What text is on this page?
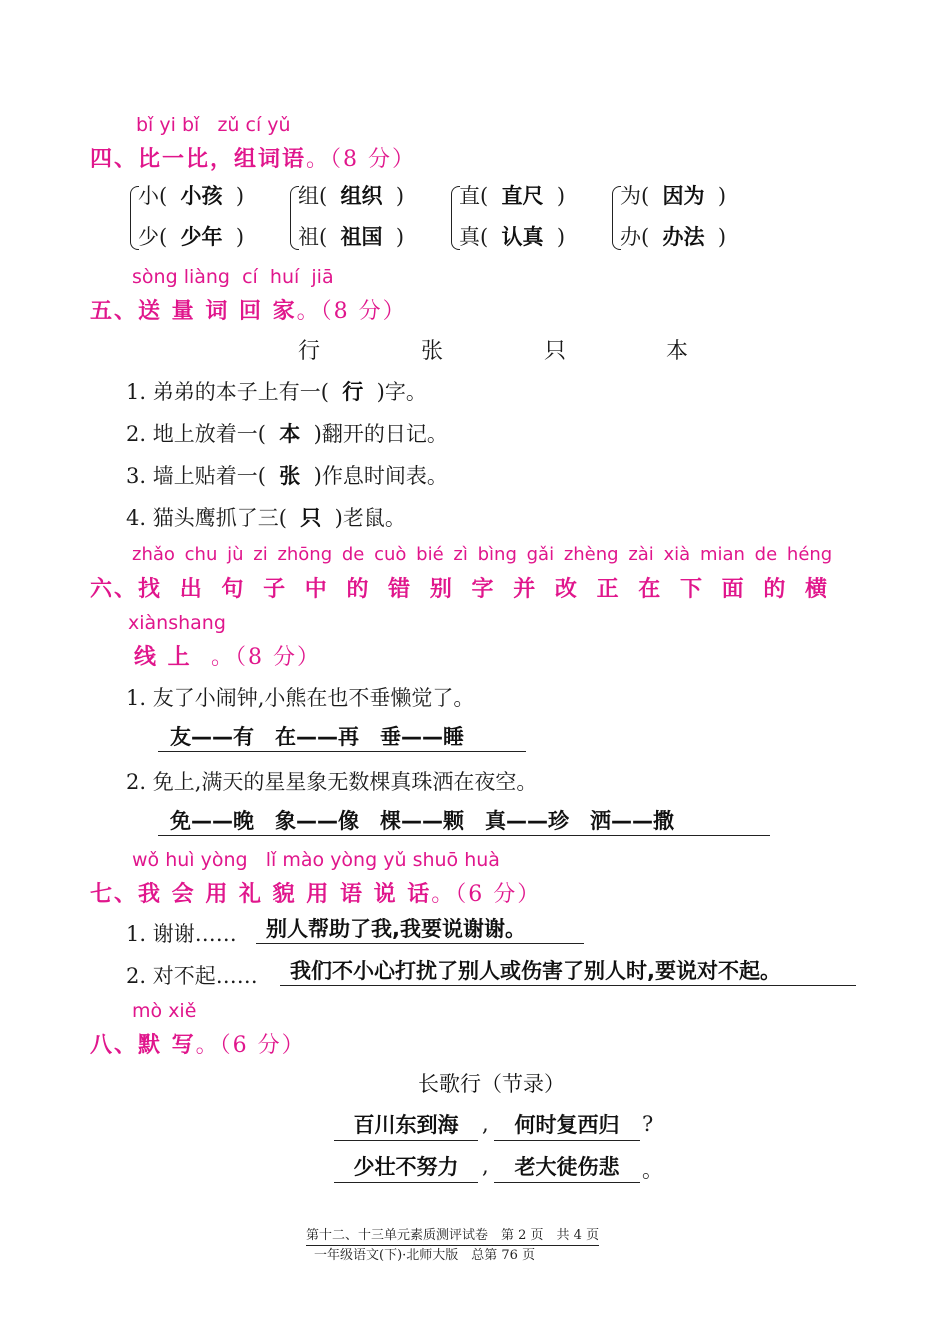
bǐ yi bǐ zǔ cí yǔ
四、比一比，组词语。（8 分）
小(  小孩  )
少(  少年  )
组(  组织  )
祖(  祖国  )
直(  直尺  )
真(  认真  )
为(  因为  )
办(  办法  )
sòng liàng cí huí jiā
五、送 量 词 回 家。（8 分）
行	张	只	本
1. 弟弟的本子上有一( 行 )字。
2. 地上放着一( 本 )翻开的日记。
3. 墙上贴着一( 张 )作息时间表。
4. 猫头鹰抓了三( 只 )老鼠。
zhǎo chu jù zi zhōng de cuò bié zì bìng gǎi zhèng zài xià mian de héng
六、找 出 句 子 中 的 错 别 字 并 改 正 在 下 面 的 横
xiànshang
线 上 。（8 分）
1. 友了小闹钟,小熊在也不垂懒觉了。
友——有　在——再　垂——睡
2. 免上,满天的星星象无数棵真珠洒在夜空。
免——晚　象——像　棵——颗　真——珍　洒——撒
wǒ huì yòng lǐ mào yòng yǔ shuō huà
七、我 会 用 礼 貌 用 语 说 话。（6 分）
1. 谢谢……	别人帮助了我,我要说谢谢。
2. 对不起……	我们不小心打扰了别人或伤害了别人时,要说对不起。
mò xiě
八、默 写。（6 分）
长歌行（节录）
百川东到海	,	何时复西归	?
少壮不努力	,	老大徒伤悲	。
第十二、十三单元素质测评试卷　第 2 页　共 4 页
一年级语文(下)·北师大版　总第 76 页
